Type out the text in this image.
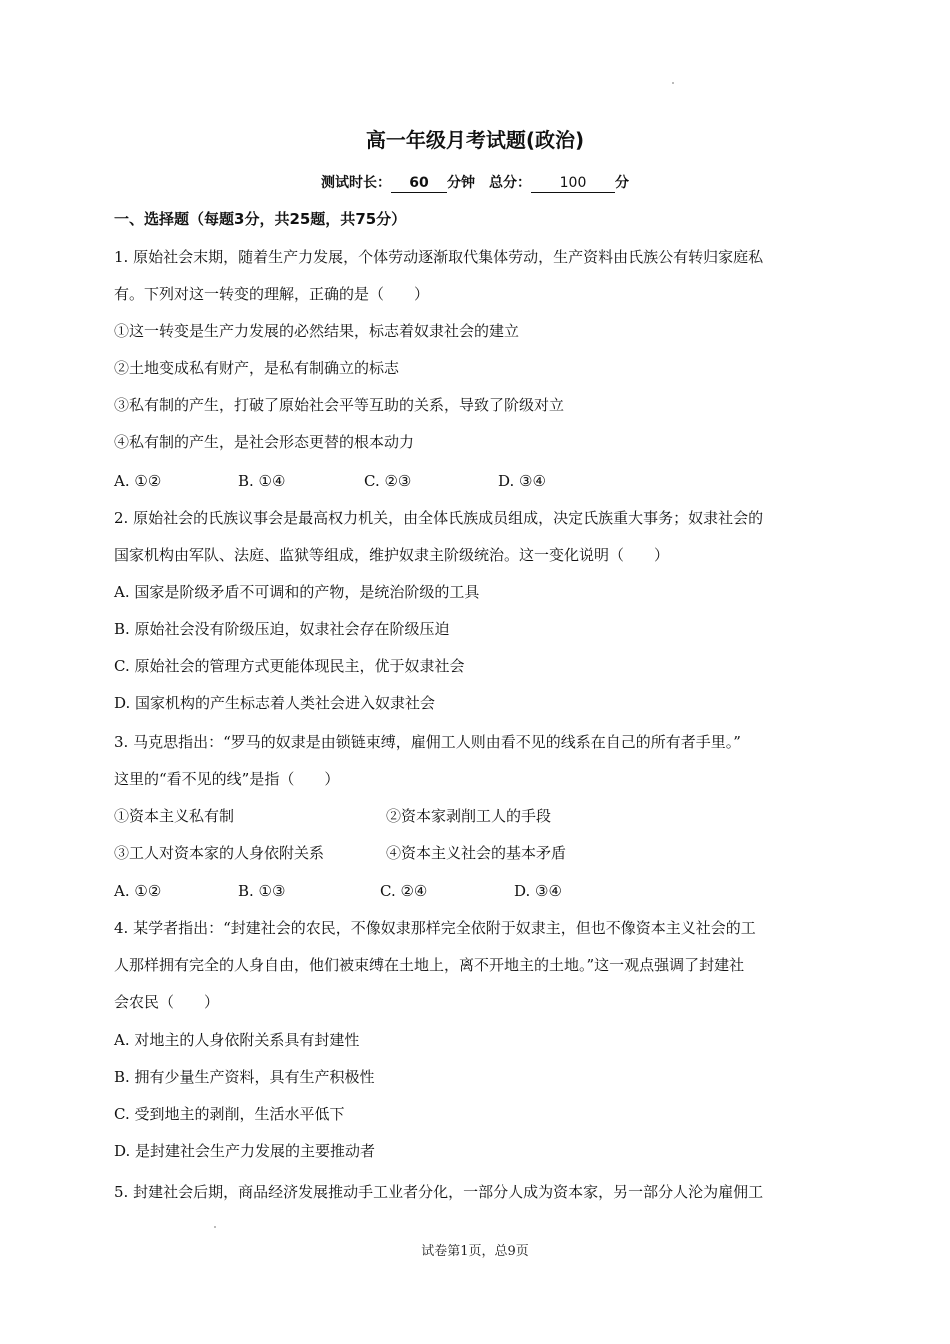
高一年级月考试题(政治)
测试时长： 60 分钟 总分： 100 分
一、选择题（每题3分，共25题，共75分）
1. 原始社会末期，随着生产力发展，个体劳动逐渐取代集体劳动，生产资料由氏族公有转归家庭私
有。下列对这一转变的理解，正确的是（　　）
①这一转变是生产力发展的必然结果，标志着奴隶社会的建立
②土地变成私有财产，是私有制确立的标志
③私有制的产生，打破了原始社会平等互助的关系，导致了阶级对立
④私有制的产生，是社会形态更替的根本动力
A. ①②	B. ①④	C. ②③	D. ③④
2. 原始社会的氏族议事会是最高权力机关，由全体氏族成员组成，决定氏族重大事务；奴隶社会的
国家机构由军队、法庭、监狱等组成，维护奴隶主阶级统治。这一变化说明（　　）
A. 国家是阶级矛盾不可调和的产物，是统治阶级的工具
B. 原始社会没有阶级压迫，奴隶社会存在阶级压迫
C. 原始社会的管理方式更能体现民主，优于奴隶社会
D. 国家机构的产生标志着人类社会进入奴隶社会
3. 马克思指出：“罗马的奴隶是由锁链束缚，雇佣工人则由看不见的线系在自己的所有者手里。”
这里的“看不见的线”是指（　　）
①资本主义私有制	②资本家剥削工人的手段
③工人对资本家的人身依附关系	④资本主义社会的基本矛盾
A. ①②	B. ①③	C. ②④	D. ③④
4. 某学者指出：“封建社会的农民，不像奴隶那样完全依附于奴隶主，但也不像资本主义社会的工
人那样拥有完全的人身自由，他们被束缚在土地上，离不开地主的土地。”这一观点强调了封建社
会农民（　　）
A. 对地主的人身依附关系具有封建性
B. 拥有少量生产资料，具有生产积极性
C. 受到地主的剥削，生活水平低下
D. 是封建社会生产力发展的主要推动者
5. 封建社会后期，商品经济发展推动手工业者分化，一部分人成为资本家，另一部分人沦为雇佣工
试卷第1页，总9页
